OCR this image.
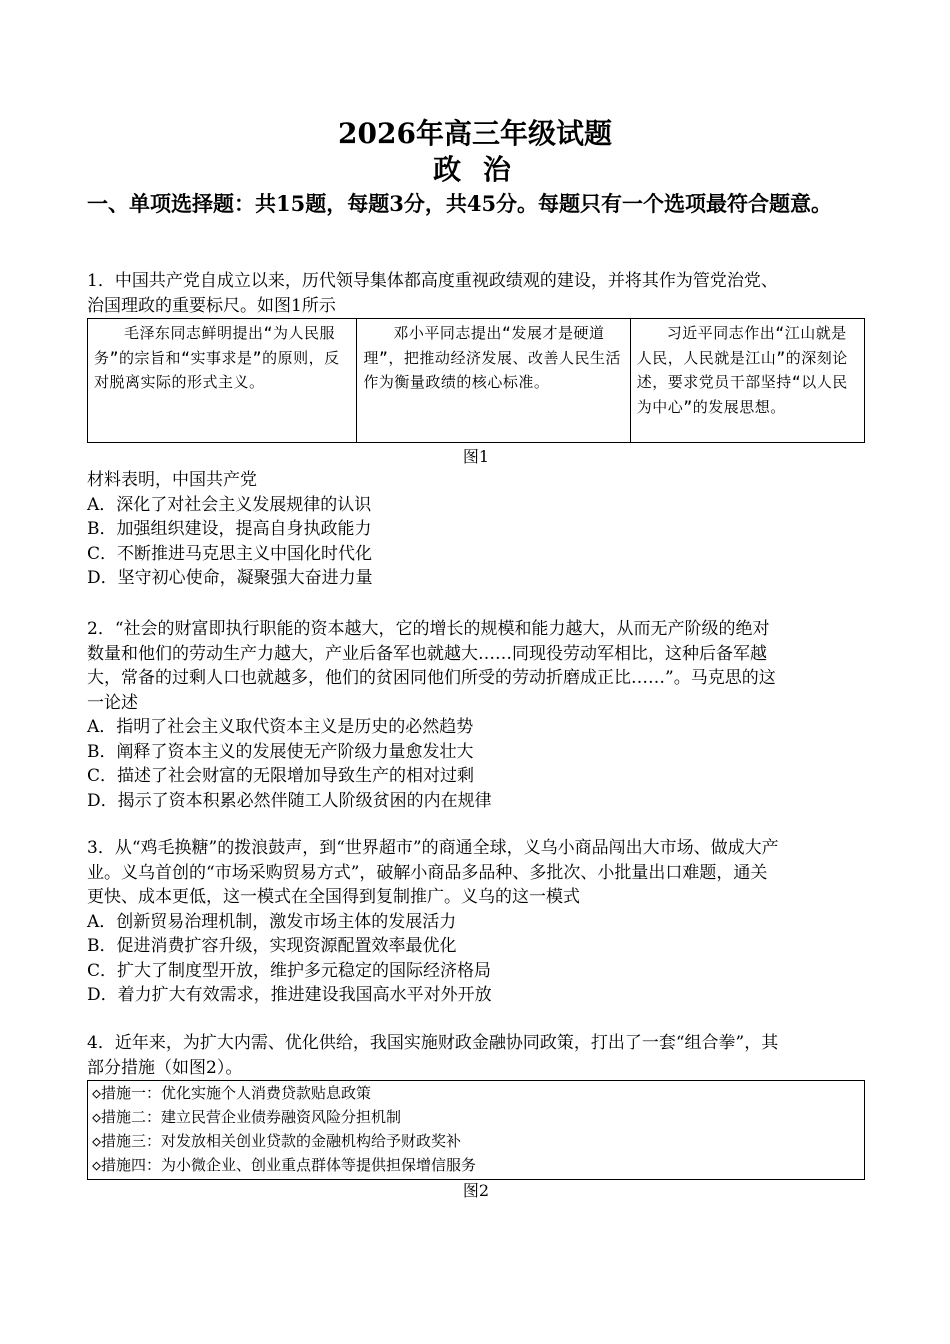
2026年高三年级试题
政 治
一、单项选择题：共15题，每题3分，共45分。每题只有一个选项最符合题意。

1．中国共产党自成立以来，历代领导集体都高度重视政绩观的建设，并将其作为管党治党、

治国理政的重要标尺。如图1所示

毛泽东同志鲜明提出“为人民服务”的宗旨和“实事求是”的原则，反对脱离实际的形式主义。	邓小平同志提出“发展才是硬道理”，把推动经济发展、改善人民生活作为衡量政绩的核心标准。	习近平同志作出“江山就是人民，人民就是江山”的深刻论述，要求党员干部坚持“以人民为中心”的发展思想。

图1

材料表明，中国共产党

A．深化了对社会主义发展规律的认识

B．加强组织建设，提高自身执政能力

C．不断推进马克思主义中国化时代化

D．坚守初心使命，凝聚强大奋进力量

2．“社会的财富即执行职能的资本越大，它的增长的规模和能力越大，从而无产阶级的绝对

数量和他们的劳动生产力越大，产业后备军也就越大……同现役劳动军相比，这种后备军越

大，常备的过剩人口也就越多，他们的贫困同他们所受的劳动折磨成正比……”。马克思的这

一论述

A．指明了社会主义取代资本主义是历史的必然趋势

B．阐释了资本主义的发展使无产阶级力量愈发壮大

C．描述了社会财富的无限增加导致生产的相对过剩

D．揭示了资本积累必然伴随工人阶级贫困的内在规律

3．从“鸡毛换糖”的拨浪鼓声，到“世界超市”的商通全球，义乌小商品闯出大市场、做成大产

业。义乌首创的“市场采购贸易方式”，破解小商品多品种、多批次、小批量出口难题，通关

更快、成本更低，这一模式在全国得到复制推广。义乌的这一模式

A．创新贸易治理机制，激发市场主体的发展活力

B．促进消费扩容升级，实现资源配置效率最优化

C．扩大了制度型开放，维护多元稳定的国际经济格局

D．着力扩大有效需求，推进建设我国高水平对外开放

4．近年来，为扩大内需、优化供给，我国实施财政金融协同政策，打出了一套“组合拳”，其

部分措施（如图2）。

◇措施一：优化实施个人消费贷款贴息政策
◇措施二：建立民营企业债券融资风险分担机制
◇措施三：对发放相关创业贷款的金融机构给予财政奖补
◇措施四：为小微企业、创业重点群体等提供担保增信服务

图2
